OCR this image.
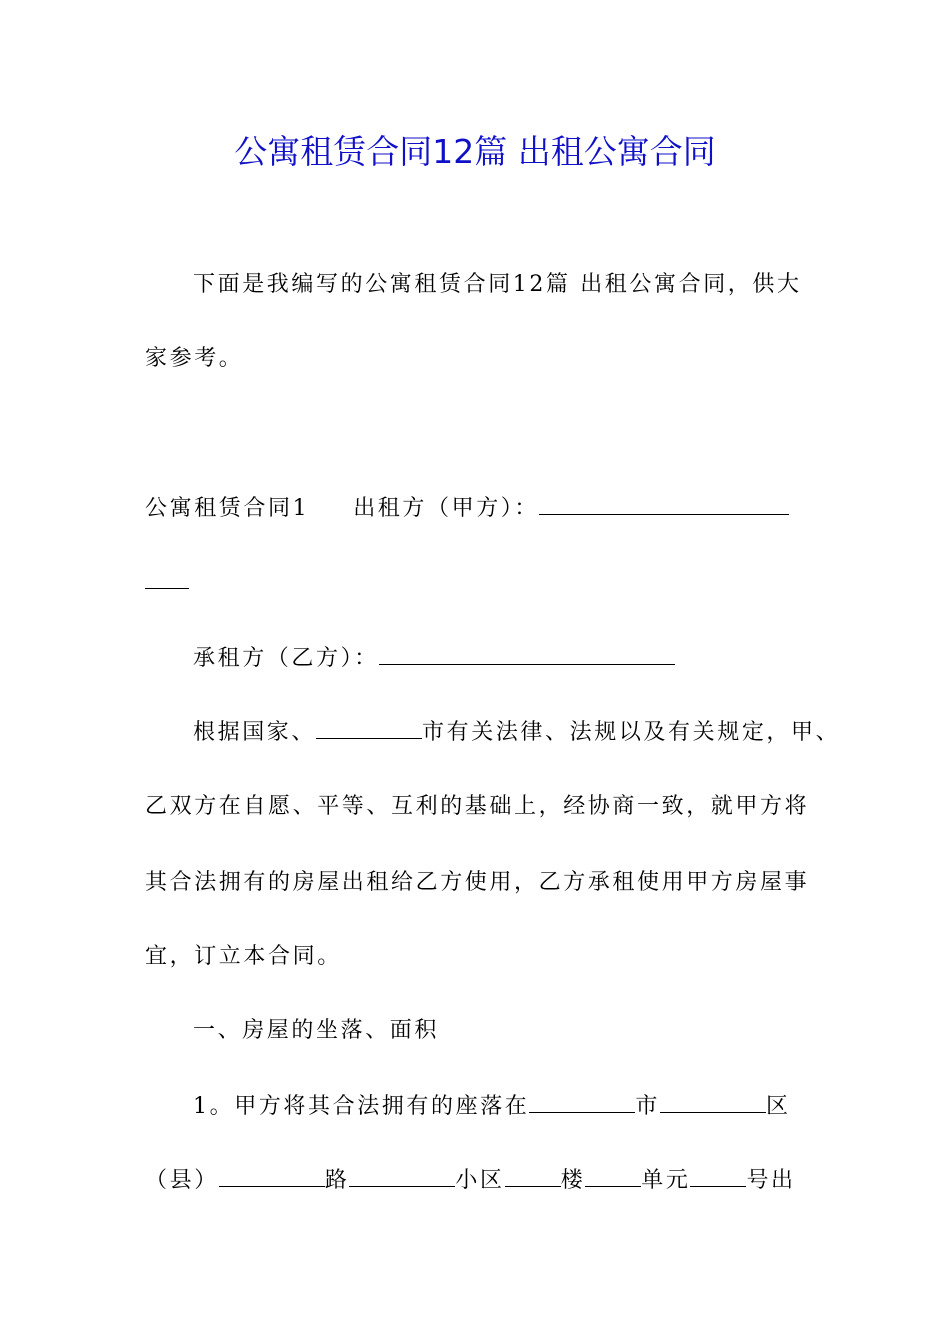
公寓租赁合同12篇 出租公寓合同
下面是我编写的公寓租赁合同12篇 出租公寓合同，供大
家参考。
公寓租赁合同1 出租方（甲方）：
承租方（乙方）：
根据国家、	市有关法律、法规以及有关规定，甲、
乙双方在自愿、平等、互利的基础上，经协商一致，就甲方将
其合法拥有的房屋出租给乙方使用，乙方承租使用甲方房屋事
宜，订立本合同。
一、房屋的坐落、面积
1。甲方将其合法拥有的座落在	市	区
（县）	路	小区	楼	单元	号出
